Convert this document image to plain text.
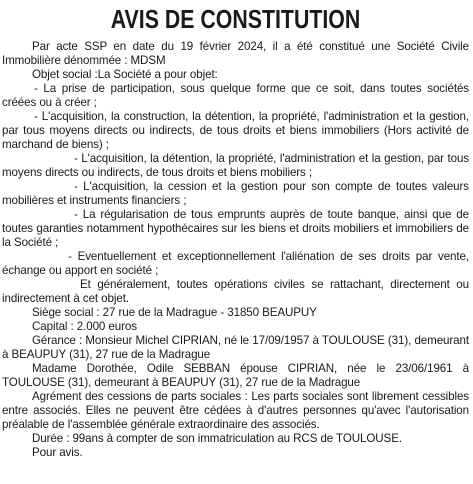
AVIS DE CONSTITUTION

Par acte SSP en date du 19 février 2024, il a été constitué une Société Civile Immobilière dénommée : MDSM

Objet social :La Société a pour objet:

- La prise de participation, sous quelque forme que ce soit, dans toutes sociétés créées ou à créer ;

- L'acquisition, la construction, la détention, la propriété, l'administration et la gestion, par tous moyens directs ou indirects, de tous droits et biens immobiliers (Hors activité de marchand de biens) ;

- L'acquisition, la détention, la propriété, l'administration et la gestion, par tous moyens directs ou indirects, de tous droits et biens mobiliers ;

- L'acquisition, la cession et la gestion pour son compte de toutes valeurs mobilières et instruments financiers ;

- La régularisation de tous emprunts auprès de toute banque, ainsi que de toutes garanties notamment hypothécaires sur les biens et droits mobiliers et immobiliers de la Société ;

- Eventuellement et exceptionnellement l'aliénation de ses droits par vente, échange ou apport en société ;

Et généralement, toutes opérations civiles se rattachant, directement ou indirectement à cet objet.

Siège social : 27 rue de la Madrague - 31850 BEAUPUY

Capital : 2.000 euros

Gérance : Monsieur Michel CIPRIAN, né le 17/09/1957 à TOULOUSE (31), demeurant à BEAUPUY (31), 27 rue de la Madrague

Madame Dorothée, Odile SEBBAN épouse CIPRIAN, née le 23/06/1961 à TOULOUSE (31), demeurant à BEAUPUY (31), 27 rue de la Madrague

Agrément des cessions de parts sociales : Les parts sociales sont librement cessibles entre associés. Elles ne peuvent être cédées à d'autres personnes qu'avec l'autorisation préalable de l'assemblée générale extraordinaire des associés.

Durée : 99ans à compter de son immatriculation au RCS de TOULOUSE.

Pour avis.
